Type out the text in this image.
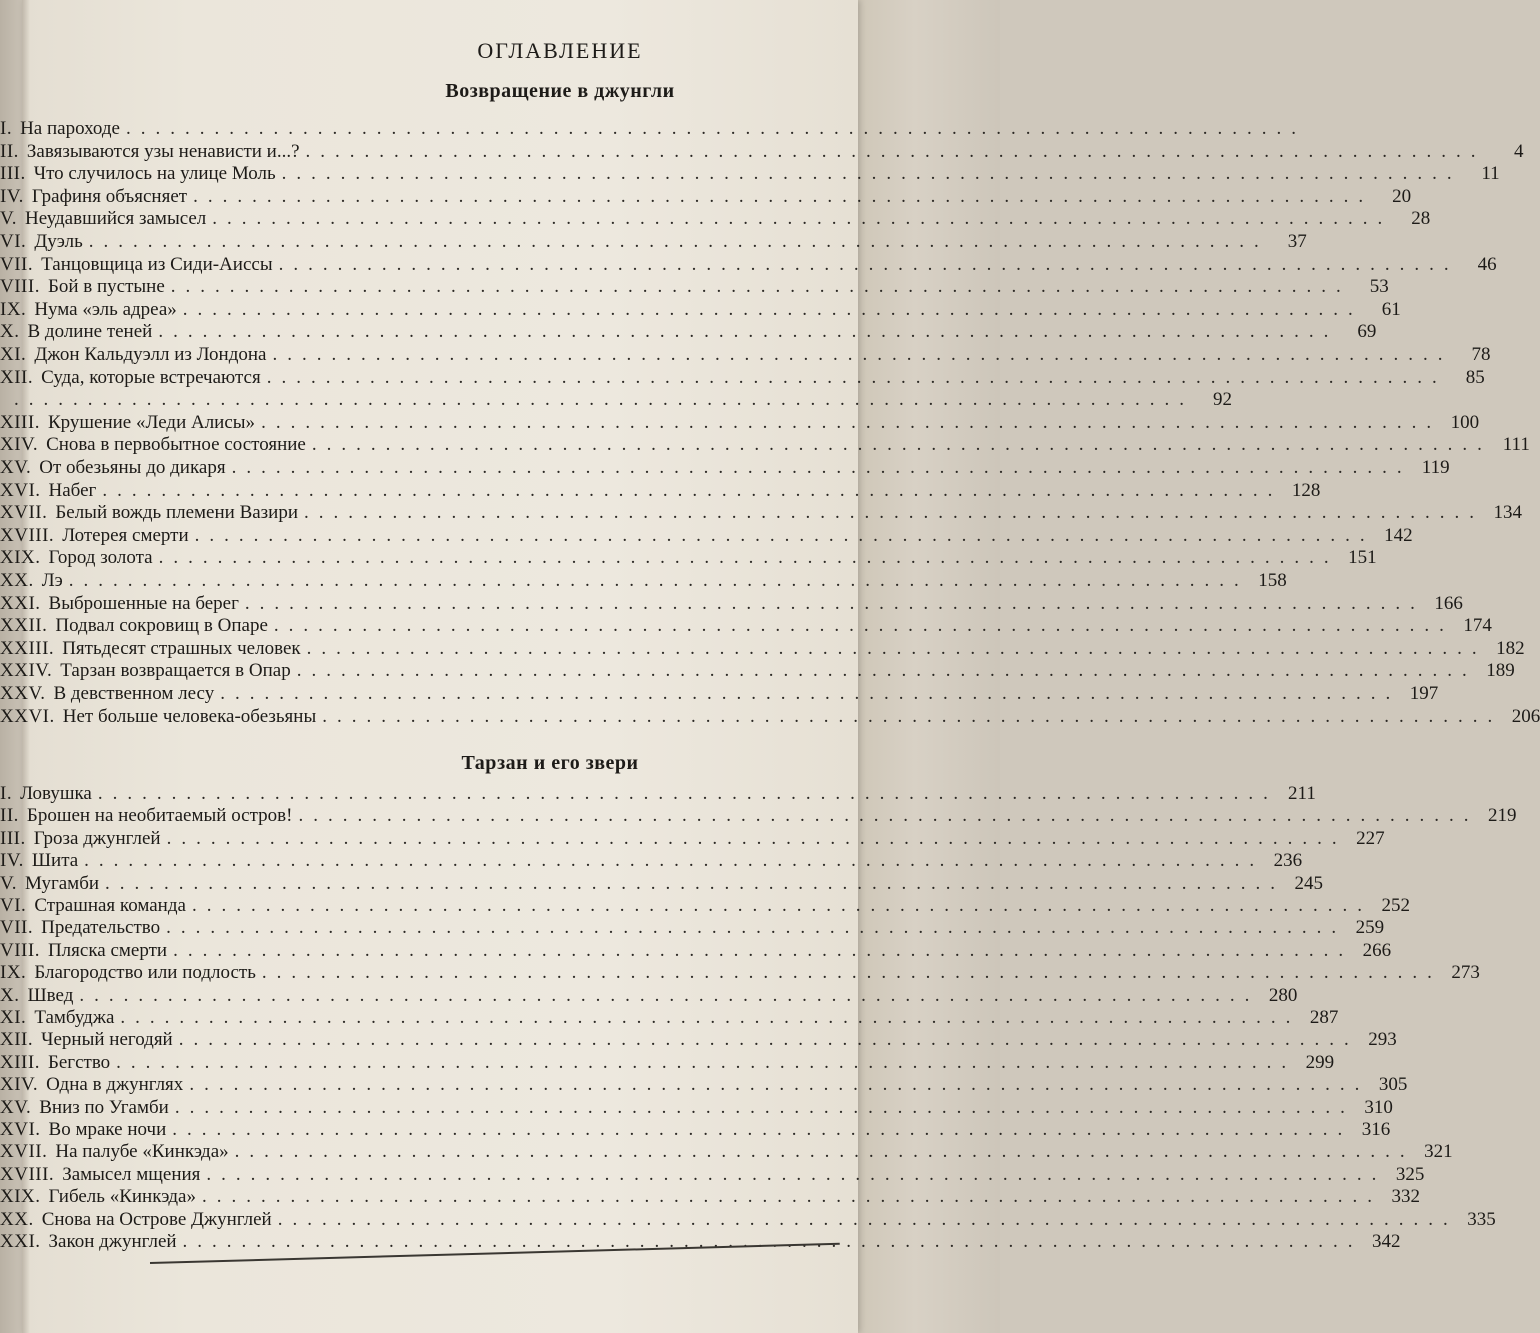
ОГЛАВЛЕНИЕ
Возвращение в джунгли
I. На пароходе ................................................................................
II. Завязываются узы ненависти и...? ................................................................................	4
III. Что случилось на улице Моль ................................................................................	11
IV. Графиня объясняет ................................................................................	20
V. Неудавшийся замысел ................................................................................	28
VI. Дуэль ................................................................................	37
VII. Танцовщица из Сиди-Аиссы ................................................................................	46
VIII. Бой в пустыне ................................................................................	53
IX. Нума «эль адреа» ................................................................................	61
X. В долине теней ................................................................................	69
XI. Джон Кальдуэлл из Лондона ................................................................................	78
XII. Суда, которые встречаются ................................................................................	85
................................................................................	92
XIII. Крушение «Леди Алисы» ................................................................................ 100
XIV. Снова в первобытное состояние ................................................................................ 111
XV. От обезьяны до дикаря ................................................................................ 119
XVI. Набег ................................................................................ 128
XVII. Белый вождь племени Вазири ................................................................................ 134
XVIII. Лотерея смерти ................................................................................ 142
XIX. Город золота ................................................................................ 151
XX. Лэ ................................................................................ 158
XXI. Выброшенные на берег ................................................................................ 166
XXII. Подвал сокровищ в Опаре ................................................................................ 174
XXIII. Пятьдесят страшных человек ................................................................................ 182
XXIV. Тарзан возвращается в Опар ................................................................................ 189
XXV. В девственном лесу ................................................................................ 197
XXVI. Нет больше человека-обезьяны ................................................................................ 206
Тарзан и его звери
I. Ловушка ................................................................................ 211
II. Брошен на необитаемый остров! ................................................................................ 219
III. Гроза джунглей ................................................................................ 227
IV. Шита ................................................................................ 236
V. Мугамби ................................................................................ 245
VI. Страшная команда ................................................................................ 252
VII. Предательство ................................................................................ 259
VIII. Пляска смерти ................................................................................ 266
IX. Благородство или подлость ................................................................................ 273
X. Швед ................................................................................ 280
XI. Тамбуджа ................................................................................ 287
XII. Черный негодяй ................................................................................ 293
XIII. Бегство ................................................................................ 299
XIV. Одна в джунглях ................................................................................ 305
XV. Вниз по Угамби ................................................................................ 310
XVI. Во мраке ночи ................................................................................ 316
XVII. На палубе «Кинкэда» ................................................................................ 321
XVIII. Замысел мщения ................................................................................ 325
XIX. Гибель «Кинкэда» ................................................................................ 332
XX. Снова на Острове Джунглей ................................................................................ 335
XXI. Закон джунглей ................................................................................ 342
